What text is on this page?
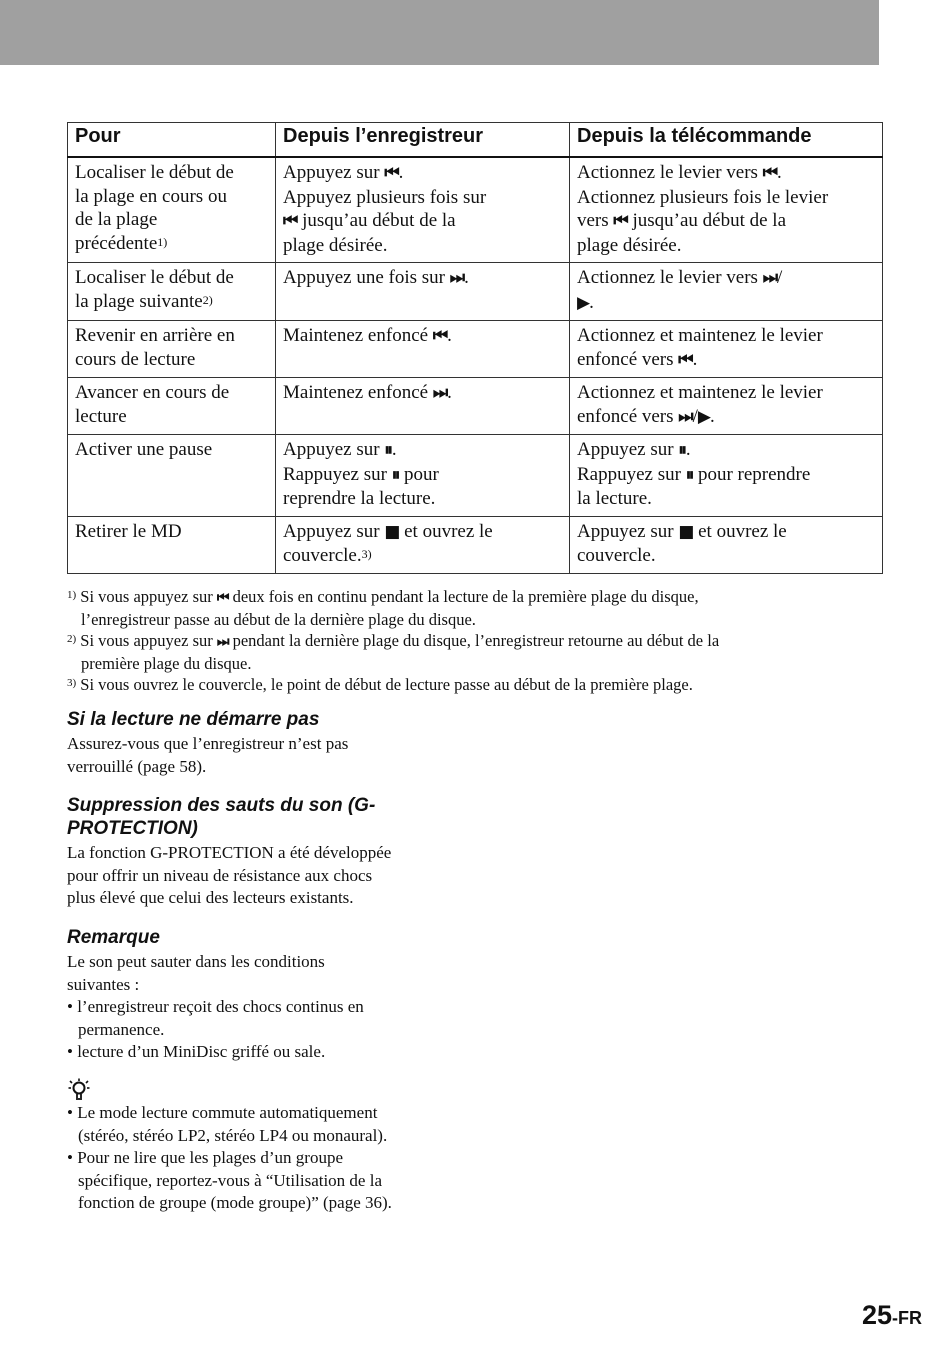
Pour	Depuis l’enregistreur	Depuis la télécommande

Localiser le début de
la plage en cours ou
de la plage
précédente$^{1)}$	Appuyez sur ⏮.
Appuyez plusieurs fois sur
⏮ jusqu’au début de la
plage désirée.	Actionnez le levier vers ⏮.
Actionnez plusieurs fois le levier
vers ⏮ jusqu’au début de la
plage désirée.

Localiser le début de
la plage suivante$^{2)}$	Appuyez une fois sur ⏭.	Actionnez le levier vers ⏭/
▶.

Revenir en arrière en
cours de lecture	Maintenez enfoncé ⏮.	Actionnez et maintenez le levier
enfoncé vers ⏮.

Avancer en cours de
lecture	Maintenez enfoncé ⏭.	Actionnez et maintenez le levier
enfoncé vers ⏭/▶.

Activer une pause	Appuyez sur ⏸.
Rappuyez sur ⏸ pour
reprendre la lecture.	Appuyez sur ⏸.
Rappuyez sur ⏸ pour reprendre
la lecture.

Retirer le MD	Appuyez sur ■ et ouvrez le
couvercle.$^{3)}$	Appuyez sur ■ et ouvrez le
couvercle.
$^{1)}$ Si vous appuyez sur ⏮ deux fois en continu pendant la lecture de la première plage du disque,
l’enregistreur passe au début de la dernière plage du disque.
$^{2)}$ Si vous appuyez sur ⏭ pendant la dernière plage du disque, l’enregistreur retourne au début de la
première plage du disque.
$^{3)}$ Si vous ouvrez le couvercle, le point de début de lecture passe au début de la première plage.
Si la lecture ne démarre pas

Assurez-vous que l’enregistreur n’est pas
verrouillé (page 58).

Suppression des sauts du son (G-
PROTECTION)

La fonction G-PROTECTION a été développée
pour offrir un niveau de résistance aux chocs
plus élevé que celui des lecteurs existants.

Remarque

Le son peut sauter dans les conditions
suivantes :

• l’enregistreur reçoit des chocs continus en
permanence.
• lecture d’un MiniDisc griffé ou sale.
• Le mode lecture commute automatiquement
(stéréo, stéréo LP2, stéréo LP4 ou monaural).
• Pour ne lire que les plages d’un groupe
spécifique, reportez-vous à “Utilisation de la
fonction de groupe (mode groupe)” (page 36).
25-FR
